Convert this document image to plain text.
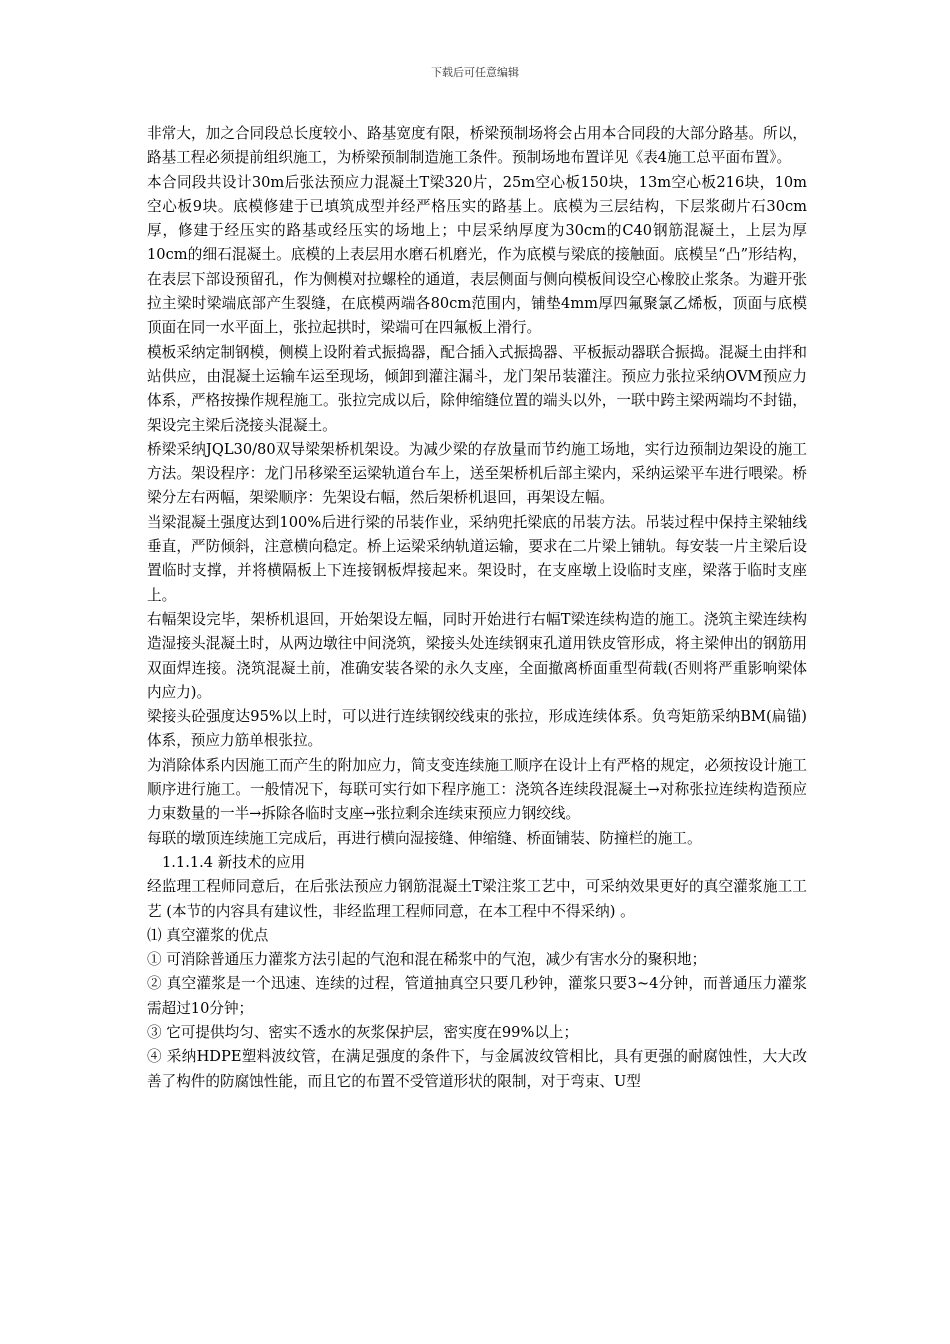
下载后可任意编辑

非常大，加之合同段总长度较小、路基宽度有限，桥梁预制场将会占用本合同段的大部分路基。所以，路基工程必须提前组织施工，为桥梁预制制造施工条件。预制场地布置详见《表4施工总平面布置》。

本合同段共设计30m后张法预应力混凝土T梁320片，25m空心板150块，13m空心板216块，10m空心板9块。底模修建于已填筑成型并经严格压实的路基上。底模为三层结构，下层浆砌片石30cm厚，修建于经压实的路基或经压实的场地上；中层采纳厚度为30cm的C40钢筋混凝土，上层为厚10cm的细石混凝土。底模的上表层用水磨石机磨光，作为底模与梁底的接触面。底模呈“凸”形结构，在表层下部设预留孔，作为侧模对拉螺栓的通道，表层侧面与侧向模板间设空心橡胶止浆条。为避开张拉主梁时梁端底部产生裂缝，在底模两端各80cm范围内，铺垫4mm厚四氟聚氯乙烯板，顶面与底模顶面在同一水平面上，张拉起拱时，梁端可在四氟板上滑行。

模板采纳定制钢模，侧模上设附着式振捣器，配合插入式振捣器、平板振动器联合振捣。混凝土由拌和站供应，由混凝土运输车运至现场，倾卸到灌注漏斗，龙门架吊装灌注。预应力张拉采纳OVM预应力体系，严格按操作规程施工。张拉完成以后，除伸缩缝位置的端头以外，一联中跨主梁两端均不封锚，架设完主梁后浇接头混凝土。

桥梁采纳JQL30/80双导梁架桥机架设。为减少梁的存放量而节约施工场地，实行边预制边架设的施工方法。架设程序：龙门吊移梁至运梁轨道台车上，送至架桥机后部主梁内，采纳运梁平车进行喂梁。桥梁分左右两幅，架梁顺序：先架设右幅，然后架桥机退回，再架设左幅。

当梁混凝土强度达到100%后进行梁的吊装作业，采纳兜托梁底的吊装方法。吊装过程中保持主梁轴线垂直，严防倾斜，注意横向稳定。桥上运梁采纳轨道运输，要求在二片梁上铺轨。每安装一片主梁后设置临时支撑，并将横隔板上下连接钢板焊接起来。架设时，在支座墩上设临时支座，梁落于临时支座上。

右幅架设完毕，架桥机退回，开始架设左幅，同时开始进行右幅T梁连续构造的施工。浇筑主梁连续构造湿接头混凝土时，从两边墩往中间浇筑，梁接头处连续钢束孔道用铁皮管形成，将主梁伸出的钢筋用双面焊连接。浇筑混凝土前，准确安装各梁的永久支座，全面撤离桥面重型荷载(否则将严重影响梁体内应力)。

梁接头砼强度达95%以上时，可以进行连续钢绞线束的张拉，形成连续体系。负弯矩筋采纳BM(扁锚)体系，预应力筋单根张拉。

为消除体系内因施工而产生的附加应力，简支变连续施工顺序在设计上有严格的规定，必须按设计施工顺序进行施工。一般情况下，每联可实行如下程序施工：浇筑各连续段混凝土→对称张拉连续构造预应力束数量的一半→拆除各临时支座→张拉剩余连续束预应力钢绞线。

每联的墩顶连续施工完成后，再进行横向湿接缝、伸缩缝、桥面铺装、防撞栏的施工。

1.1.1.4 新技术的应用

经监理工程师同意后，在后张法预应力钢筋混凝土T梁注浆工艺中，可采纳效果更好的真空灌浆施工工艺 (本节的内容具有建议性，非经监理工程师同意，在本工程中不得采纳) 。

⑴ 真空灌浆的优点

① 可消除普通压力灌浆方法引起的气泡和混在稀浆中的气泡，减少有害水分的聚积地；

② 真空灌浆是一个迅速、连续的过程，管道抽真空只要几秒钟，灌浆只要3~4分钟，而普通压力灌浆需超过10分钟；

③ 它可提供均匀、密实不透水的灰浆保护层，密实度在99%以上；

④ 采纳HDPE塑料波纹管，在满足强度的条件下，与金属波纹管相比，具有更强的耐腐蚀性，大大改善了构件的防腐蚀性能，而且它的布置不受管道形状的限制，对于弯束、U型
